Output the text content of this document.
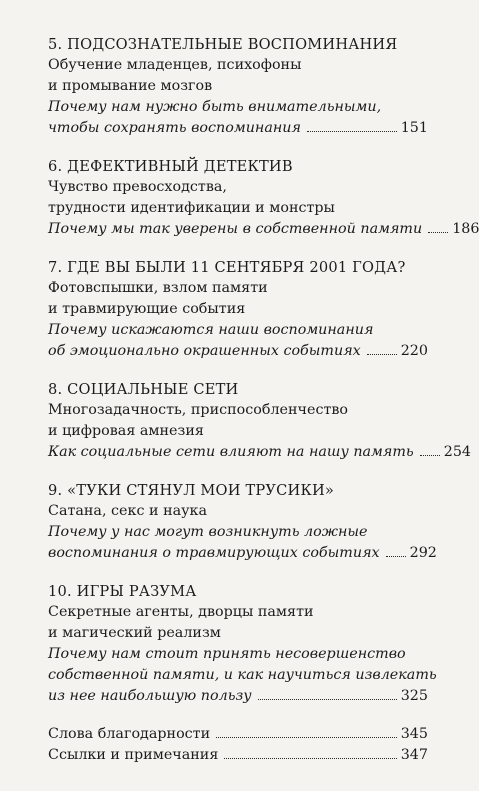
5. ПОДСОЗНАТЕЛЬНЫЕ ВОСПОМИНАНИЯ
Обучение младенцев, психофоны
и промывание мозгов
Почему нам нужно быть внимательными,
чтобы сохранять воспоминания	151
6. ДЕФЕКТИВНЫЙ ДЕТЕКТИВ
Чувство превосходства,
трудности идентификации и монстры
Почему мы так уверены в собственной памяти 186
7. ГДЕ ВЫ БЫЛИ 11 СЕНТЯБРЯ 2001 ГОДА?
Фотовспышки, взлом памяти
и травмирующие события
Почему искажаются наши воспоминания
об эмоционально окрашенных событиях	220
8. СОЦИАЛЬНЫЕ СЕТИ
Многозадачность, приспособленчество
и цифровая амнезия
Как социальные сети влияют на нашу память 254
9. «ТУКИ СТЯНУЛ МОИ ТРУСИКИ»
Сатана, секс и наука
Почему у нас могут возникнуть ложные
воспоминания о травмирующих событиях 292
10. ИГРЫ РАЗУМА
Секретные агенты, дворцы памяти
и магический реализм
Почему нам стоит принять несовершенство
собственной памяти, и как научиться извлекать
из нее наибольшую пользу	325
Слова благодарности	345
Ссылки и примечания	347
